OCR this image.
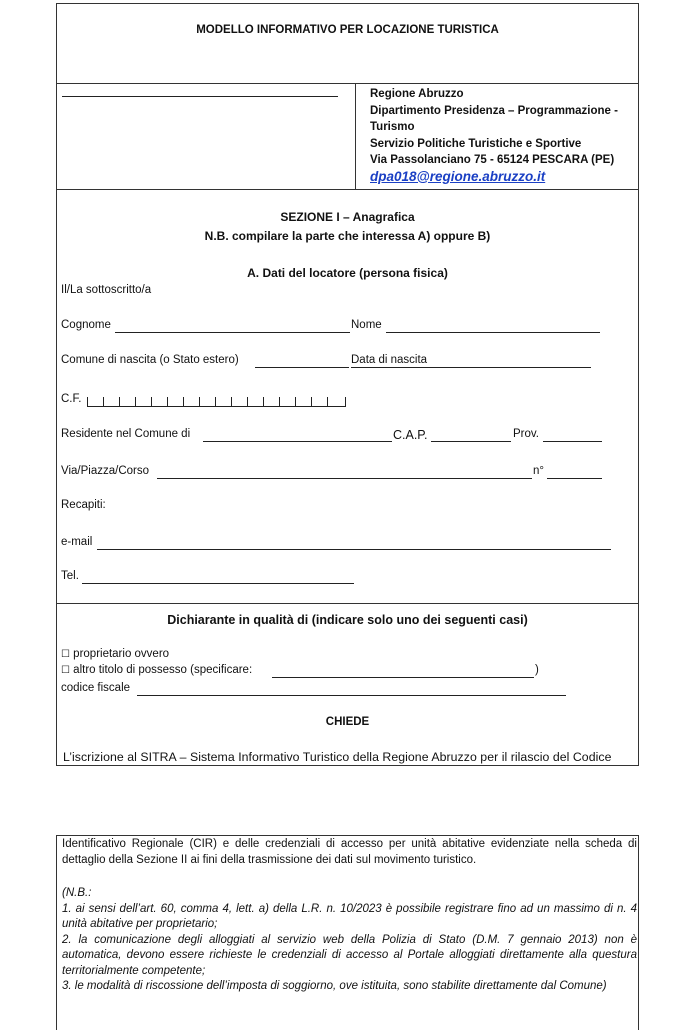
MODELLO INFORMATIVO PER LOCAZIONE TURISTICA
Regione Abruzzo
Dipartimento Presidenza – Programmazione - Turismo
Servizio Politiche Turistiche e Sportive
Via Passolanciano 75 - 65124 PESCARA (PE)
dpa018@regione.abruzzo.it
SEZIONE I – Anagrafica
N.B. compilare la parte che interessa A) oppure B)
A. Dati del locatore (persona fisica)
Il/La sottoscritto/a
Cognome	Nome
Comune di nascita (o Stato estero)	Data di nascita
C.F.
Residente nel Comune di	C.A.P.	Prov.
Via/Piazza/Corso	n°
Recapiti:
e-mail
Tel.
Dichiarante in qualità di (indicare solo uno dei seguenti casi)
☐ proprietario ovvero
☐ altro titolo di possesso (specificare:	)
codice fiscale
CHIEDE
L’iscrizione al SITRA – Sistema Informativo Turistico della Regione Abruzzo per il rilascio del Codice
Identificativo Regionale (CIR) e delle credenziali di accesso per unità abitative evidenziate nella scheda di dettaglio della Sezione II ai fini della trasmissione dei dati sul movimento turistico.
(N.B.:
1. ai sensi dell’art. 60, comma 4, lett. a) della L.R. n. 10/2023 è possibile registrare fino ad un massimo di n. 4 unità abitative per proprietario;
2. la comunicazione degli alloggiati al servizio web della Polizia di Stato (D.M. 7 gennaio 2013) non è automatica, devono essere richieste le credenziali di accesso al Portale alloggiati direttamente alla questura territorialmente competente;
3. le modalità di riscossione dell’imposta di soggiorno, ove istituita, sono stabilite direttamente dal Comune)
